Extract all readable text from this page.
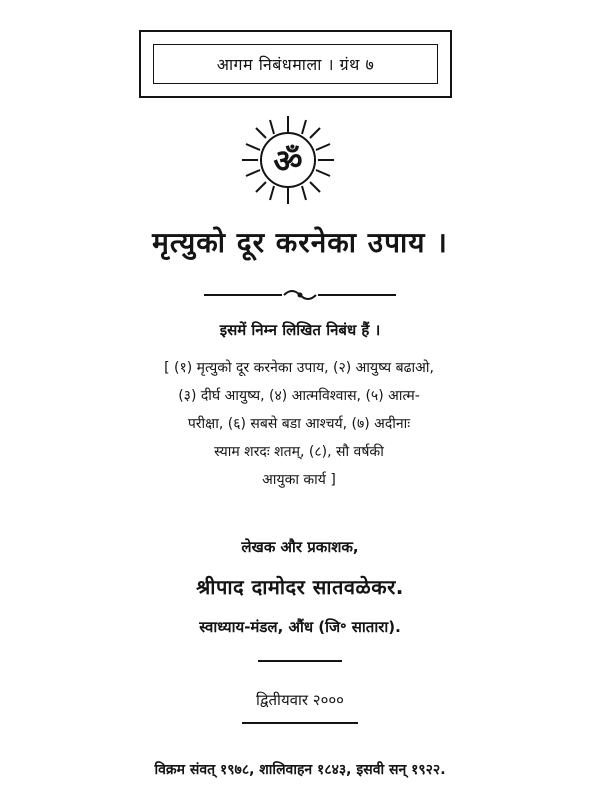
आगम निबंधमाला । ग्रंथ ७
ॐ
मृत्युको दूर करनेका उपाय ।
इसमें निम्न लिखित निबंध हैं ।
[ (१) मृत्युको दूर करनेका उपाय, (२) आयुष्य बढाओ,
(३) दीर्घ आयुष्य, (४) आत्मविश्वास, (५) आत्म-
परीक्षा, (६) सबसे बडा आश्चर्य, (७) अदीनाः
स्याम शरदः शतम्, (८), सौ वर्षकी
आयुका कार्य ]
लेखक और प्रकाशक,
श्रीपाद दामोदर सातवळेकर.
स्वाध्याय-मंडल, औंध (जि॰ सातारा).
द्वितीयवार २०००
विक्रम संवत् १९७८, शालिवाहन १८४३, इसवी सन् १९२२.
